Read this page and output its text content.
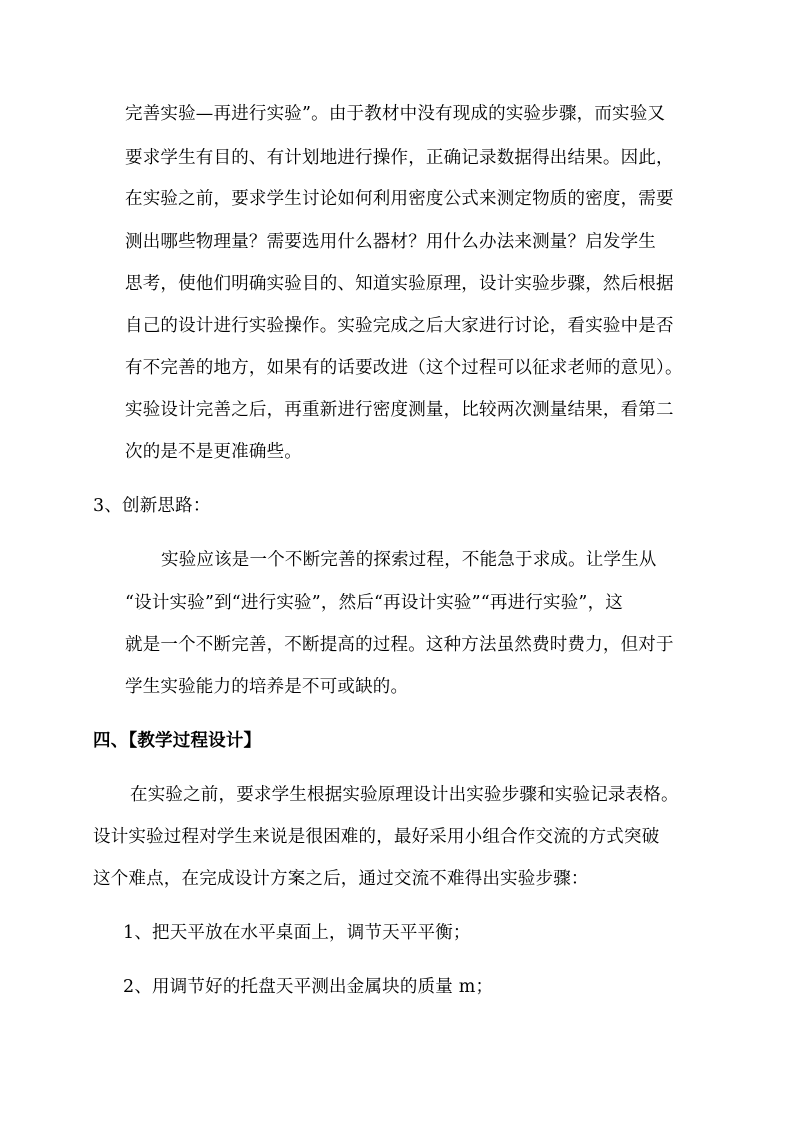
完善实验—再进行实验”。由于教材中没有现成的实验步骤，而实验又
要求学生有目的、有计划地进行操作，正确记录数据得出结果。因此，
在实验之前，要求学生讨论如何利用密度公式来测定物质的密度，需要
测出哪些物理量？需要选用什么器材？用什么办法来测量？启发学生
思考，使他们明确实验目的、知道实验原理，设计实验步骤，然后根据
自己的设计进行实验操作。实验完成之后大家进行讨论，看实验中是否
有不完善的地方，如果有的话要改进（这个过程可以征求老师的意见）。
实验设计完善之后，再重新进行密度测量，比较两次测量结果，看第二
次的是不是更准确些。
3、创新思路：
实验应该是一个不断完善的探索过程，不能急于求成。让学生从
“设计实验”到“进行实验”，然后“再设计实验”“再进行实验”，这
就是一个不断完善，不断提高的过程。这种方法虽然费时费力，但对于
学生实验能力的培养是不可或缺的。
四、【教学过程设计】
在实验之前，要求学生根据实验原理设计出实验步骤和实验记录表格。
设计实验过程对学生来说是很困难的，最好采用小组合作交流的方式突破
这个难点，在完成设计方案之后，通过交流不难得出实验步骤：
1、把天平放在水平桌面上，调节天平平衡；
2、用调节好的托盘天平测出金属块的质量 m；
